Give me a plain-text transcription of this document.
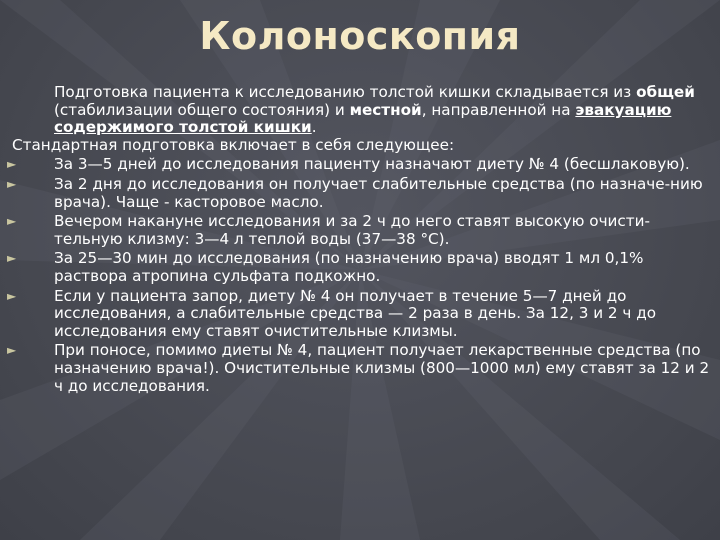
Колоноскопия

Подготовка пациента к исследованию толстой кишки складывается из общей (стабилизации общего состояния) и местной, направленной на эвакуацию содержимого толстой кишки.

Стандартная подготовка включает в себя следующее:

► За 3—5 дней до исследования пациенту назначают диету № 4 (бесшлаковую).
► За 2 дня до исследования он получает слабительные средства (по назначе-нию врача). Чаще - касторовое масло.
► Вечером накануне исследования и за 2 ч до него ставят высокую очисти-тельную клизму: 3—4 л теплой воды (37—38 °С).
► За 25—30 мин до исследования (по назначению врача) вводят 1 мл 0,1% раствора атропина сульфата подкожно.
► Если у пациента запор, диету № 4 он получает в течение 5—7 дней до исследования, а слабительные средства — 2 раза в день. За 12, 3 и 2 ч до исследования ему ставят очистительные клизмы.
► При поносе, помимо диеты № 4, пациент получает лекарственные средства (по назначению врача!). Очистительные клизмы (800—1000 мл) ему ставят за 12 и 2 ч до исследования.
